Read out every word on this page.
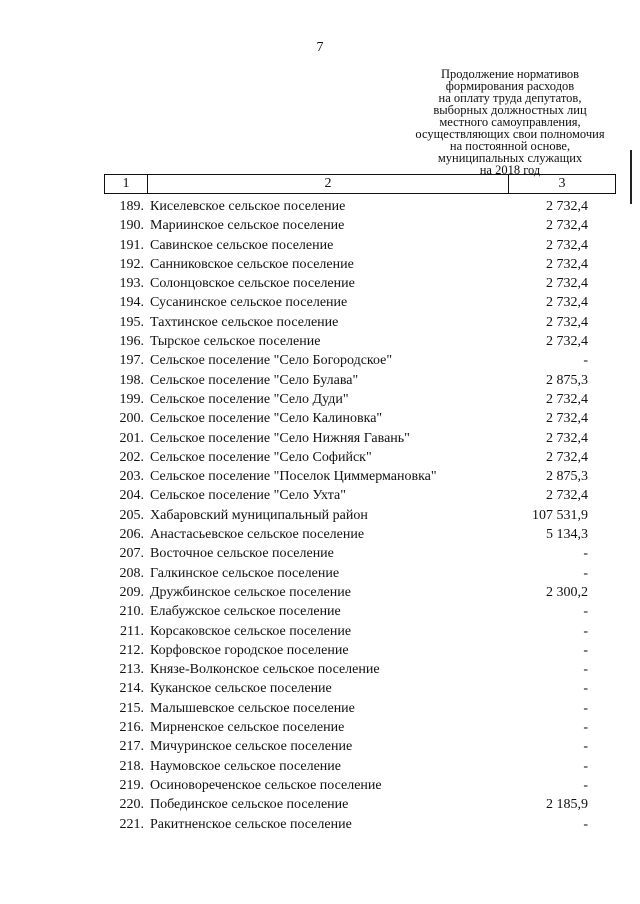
7
Продолжение нормативов
формирования расходов
на оплату труда депутатов,
выборных должностных лиц
местного самоуправления,
осуществляющих свои полномочия
на постоянной основе,
муниципальных служащих
на 2018 год
1	2	3
189. Киселевское сельское поселение	2 732,4
190. Мариинское сельское поселение	2 732,4
191. Савинское сельское поселение	2 732,4
192. Санниковское сельское поселение	2 732,4
193. Солонцовское сельское поселение	2 732,4
194. Сусанинское сельское поселение	2 732,4
195. Тахтинское сельское поселение	2 732,4
196. Тырское сельское поселение	2 732,4
197. Сельское поселение "Село Богородское"	-
198. Сельское поселение "Село Булава"	2 875,3
199. Сельское поселение "Село Дуди"	2 732,4
200. Сельское поселение "Село Калиновка"	2 732,4
201. Сельское поселение "Село Нижняя Гавань"	2 732,4
202. Сельское поселение "Село Софийск"	2 732,4
203. Сельское поселение "Поселок Циммермановка"	2 875,3
204. Сельское поселение "Село Ухта"	2 732,4
205. Хабаровский муниципальный район	107 531,9
206. Анастасьевское сельское поселение	5 134,3
207. Восточное сельское поселение	-
208. Галкинское сельское поселение	-
209. Дружбинское сельское поселение	2 300,2
210. Елабужское сельское поселение	-
211. Корсаковское сельское поселение	-
212. Корфовское городское поселение	-
213. Князе-Волконское сельское поселение	-
214. Куканское сельское поселение	-
215. Малышевское сельское поселение	-
216. Мирненское сельское поселение	-
217. Мичуринское сельское поселение	-
218. Наумовское сельское поселение	-
219. Осиновореченское сельское поселение	-
220. Побединское сельское поселение	2 185,9
221. Ракитненское сельское поселение	-
